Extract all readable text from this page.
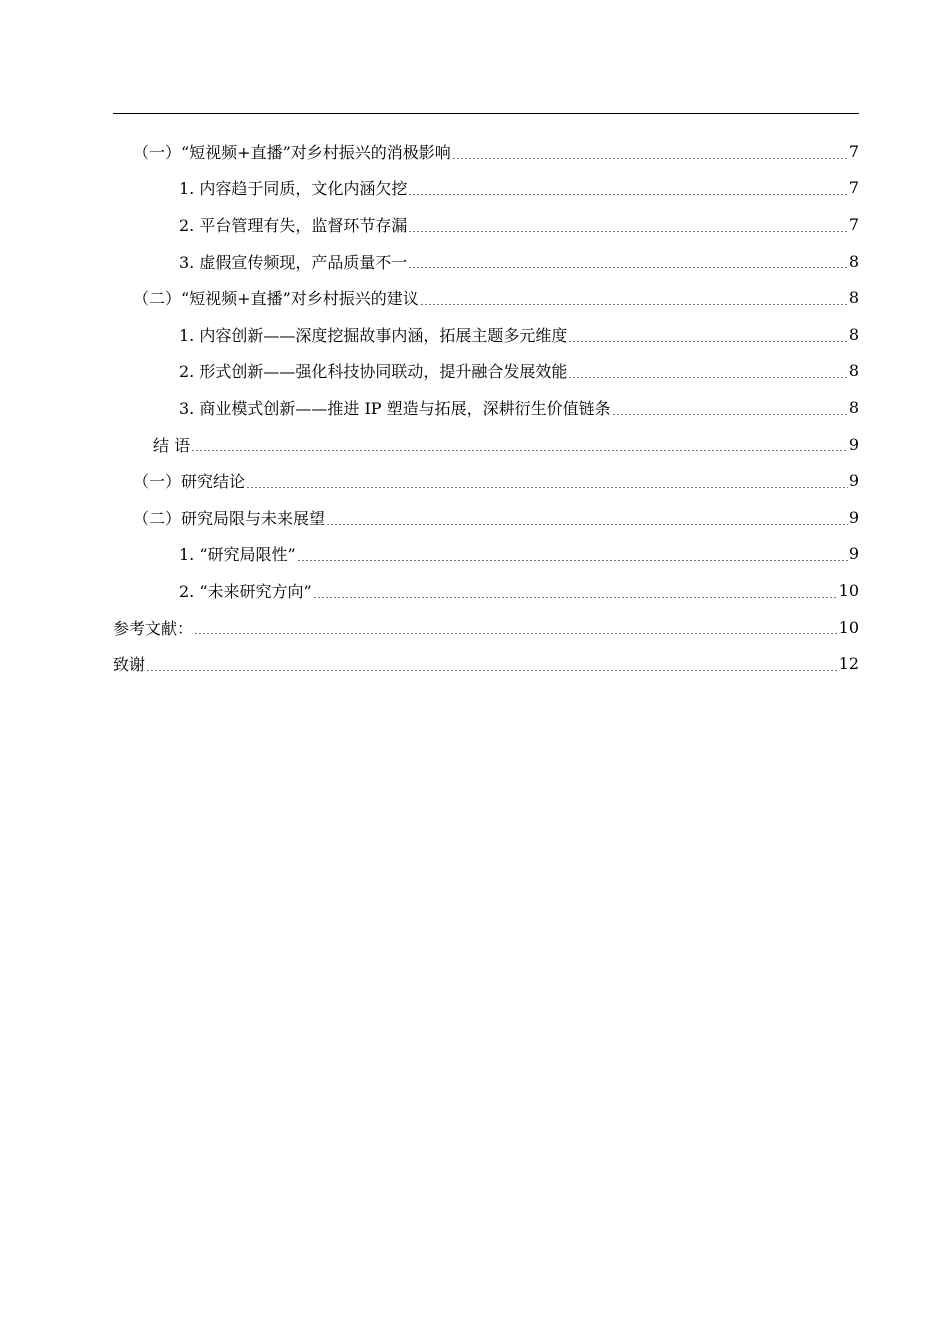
（一）“短视频+直播”对乡村振兴的消极影响	7
1. 内容趋于同质，文化内涵欠挖	7
2. 平台管理有失，监督环节存漏	7
3. 虚假宣传频现，产品质量不一	8
（二）“短视频+直播”对乡村振兴的建议	8
1. 内容创新——深度挖掘故事内涵，拓展主题多元维度	8
2. 形式创新——强化科技协同联动，提升融合发展效能	8
3. 商业模式创新——推进 IP 塑造与拓展，深耕衍生价值链条	8
结 语	9
（一）研究结论	9
（二）研究局限与未来展望	9
1. “研究局限性”	9
2. “未来研究方向”	10
参考文献：	10
致谢	12
